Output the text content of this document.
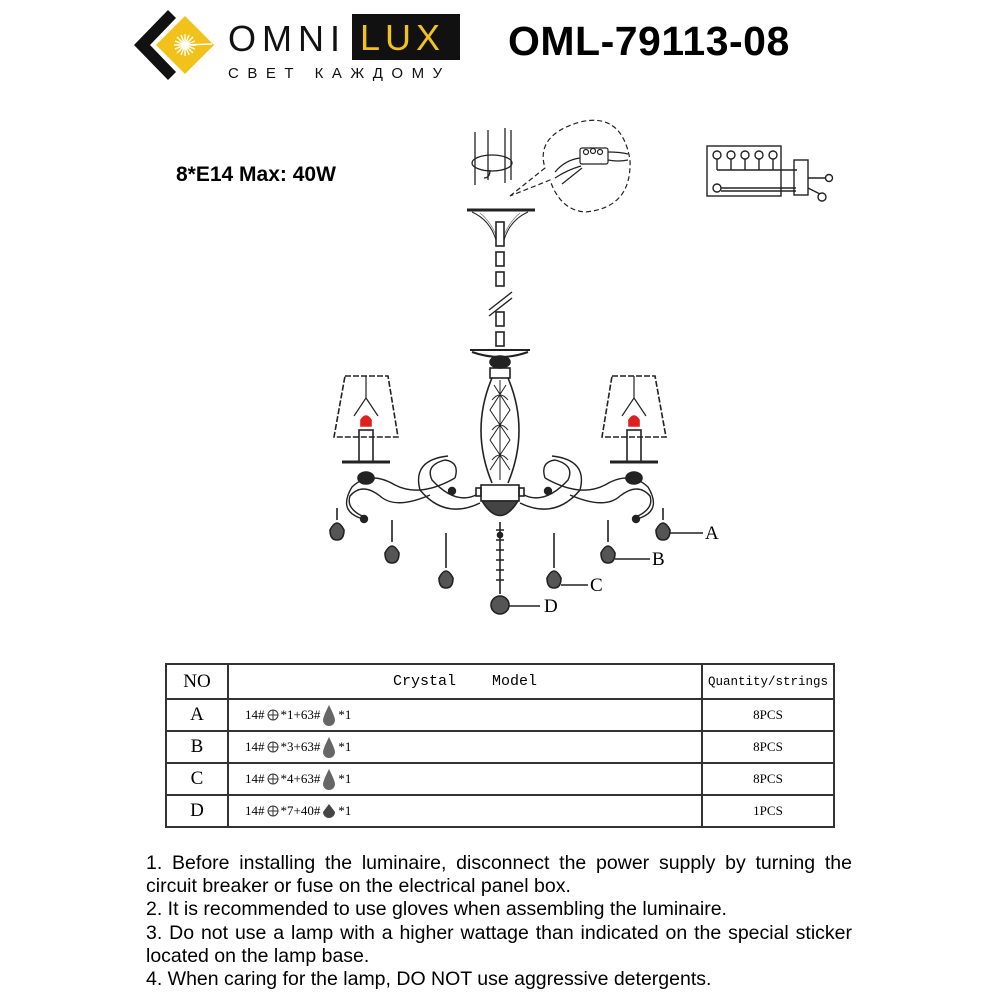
OMNI LUX
СВЕТ КАЖДОМУ
OML-79113-08
8*E14 Max: 40W
A
B
C
D
NO	Crystal    Model	Quantity/strings
A	14# *1+63# *1	8PCS
B	14# *3+63# *1	8PCS
C	14# *4+63# *1	8PCS
D	14# *7+40# *1	1PCS

1. Before installing the luminaire, disconnect the power supply by turning the circuit breaker or fuse on the electrical panel box.

2. It is recommended to use gloves when assembling the luminaire.

3. Do not use a lamp with a higher wattage than indicated on the special sticker located on the lamp base.

4. When caring for the lamp, DO NOT use aggressive detergents.
